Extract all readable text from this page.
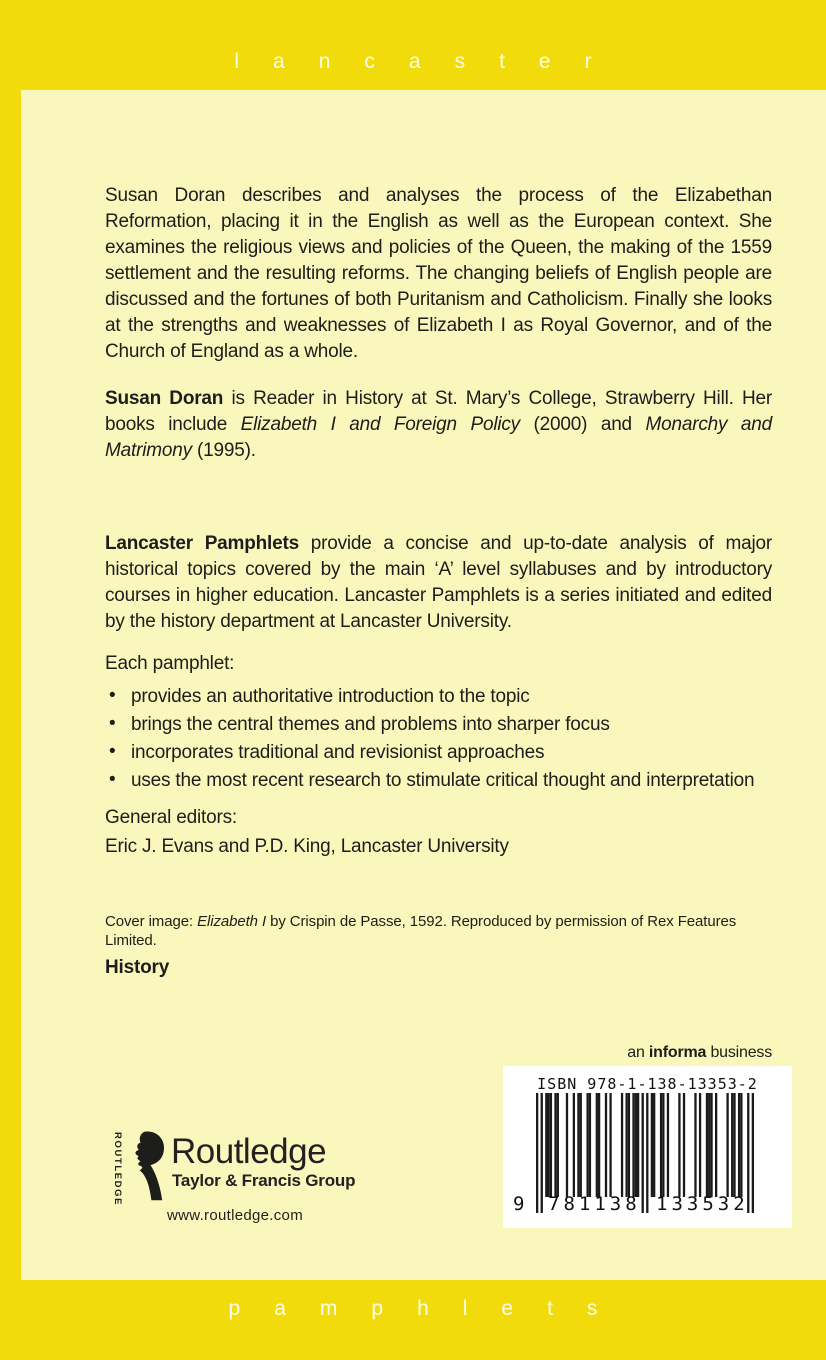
lancaster

Susan Doran describes and analyses the process of the Elizabethan Reformation, placing it in the English as well as the European context. She examines the religious views and policies of the Queen, the making of the 1559 settlement and the resulting reforms. The changing beliefs of English people are discussed and the fortunes of both Puritanism and Catholicism. Finally she looks at the strengths and weaknesses of Elizabeth I as Royal Governor, and of the Church of England as a whole.

Susan Doran is Reader in History at St. Mary’s College, Strawberry Hill. Her books include Elizabeth I and Foreign Policy (2000) and Monarchy and Matrimony (1995).

Lancaster Pamphlets provide a concise and up-to-date analysis of major historical topics covered by the main ‘A’ level syllabuses and by introductory courses in higher education. Lancaster Pamphlets is a series initiated and edited by the history department at Lancaster University.

Each pamphlet:

• provides an authoritative introduction to the topic
• brings the central themes and problems into sharper focus
• incorporates traditional and revisionist approaches
• uses the most recent research to stimulate critical thought and interpretation
General editors:
Eric J. Evans and P.D. King, Lancaster University

Cover image: Elizabeth I by Crispin de Passe, 1592. Reproduced by permission of Rex Features Limited.

History

an informa business

ISBN 978-1-138-13353-2
9 781138 133532
ROUTLEDGE Routledge
Taylor & Francis Group
www.routledge.com
pamphlets
